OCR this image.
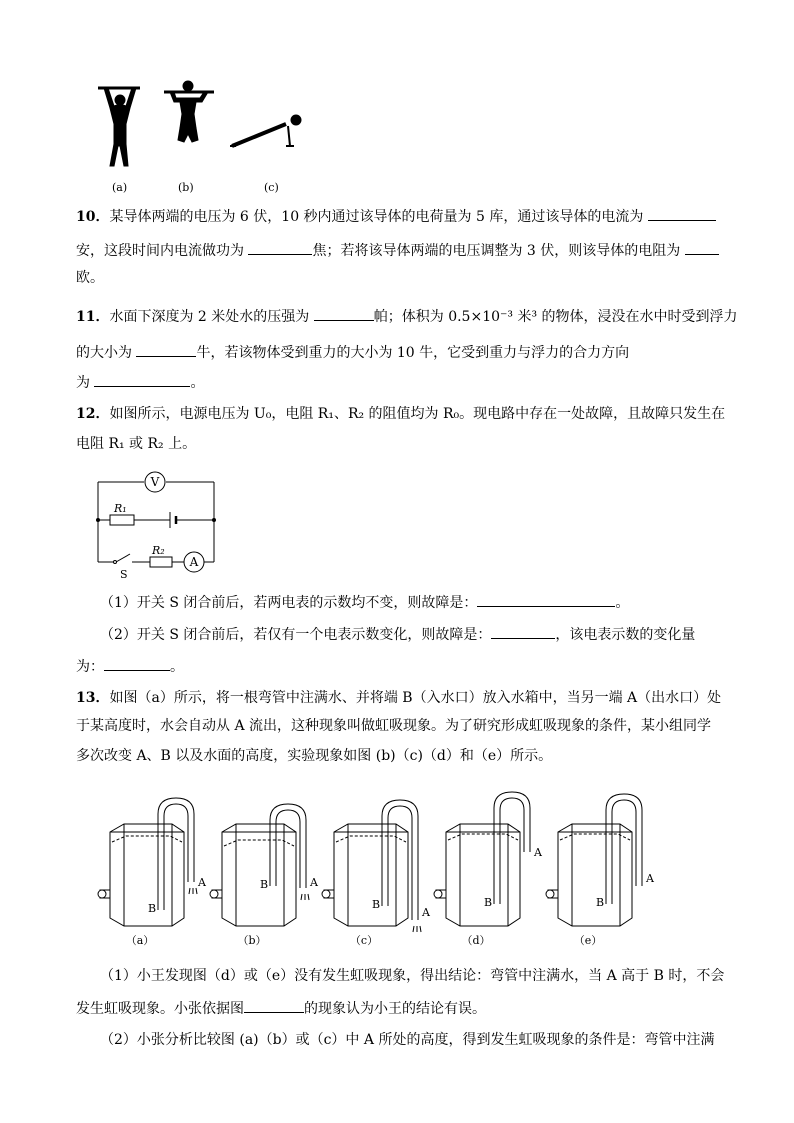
(a)	(b)	(c)
10．某导体两端的电压为 6 伏，10 秒内通过该导体的电荷量为 5 库，通过该导体的电流为
安，这段时间内电流做功为	焦；若将该导体两端的电压调整为 3 伏，则该导体的电阻为
欧。
11．水面下深度为 2 米处水的压强为	帕；体积为 0.5×10⁻³ 米³ 的物体，浸没在水中时受到浮力
的大小为	牛，若该物体受到重力的大小为 10 牛，它受到重力与浮力的合力方向
为	。
12．如图所示，电源电压为 U₀，电阻 R₁、R₂ 的阻值均为 R₀。现电路中存在一处故障，且故障只发生在
电阻 R₁ 或 R₂ 上。
V
A
R₁
R₂
S
（1）开关 S 闭合前后，若两电表的示数均不变，则故障是：	。
（2）开关 S 闭合前后，若仅有一个电表示数变化，则故障是：	，该电表示数的变化量
为：	。
13．如图（a）所示，将一根弯管中注满水、并将端 B（入水口）放入水箱中，当另一端 A（出水口）处
于某高度时，水会自动从 A 流出，这种现象叫做虹吸现象。为了研究形成虹吸现象的条件，某小组同学
多次改变 A、B 以及水面的高度，实验现象如图 (b)（c)（d）和（e）所示。
B
A
（a）
B	A
（b）
B
A
（c）
B
A
（d）
B
A
（e）
（1）小王发现图（d）或（e）没有发生虹吸现象，得出结论：弯管中注满水，当 A 高于 B 时，不会
发生虹吸现象。小张依据图	的现象认为小王的结论有误。
（2）小张分析比较图 (a)（b）或（c）中 A 所处的高度，得到发生虹吸现象的条件是：弯管中注满
